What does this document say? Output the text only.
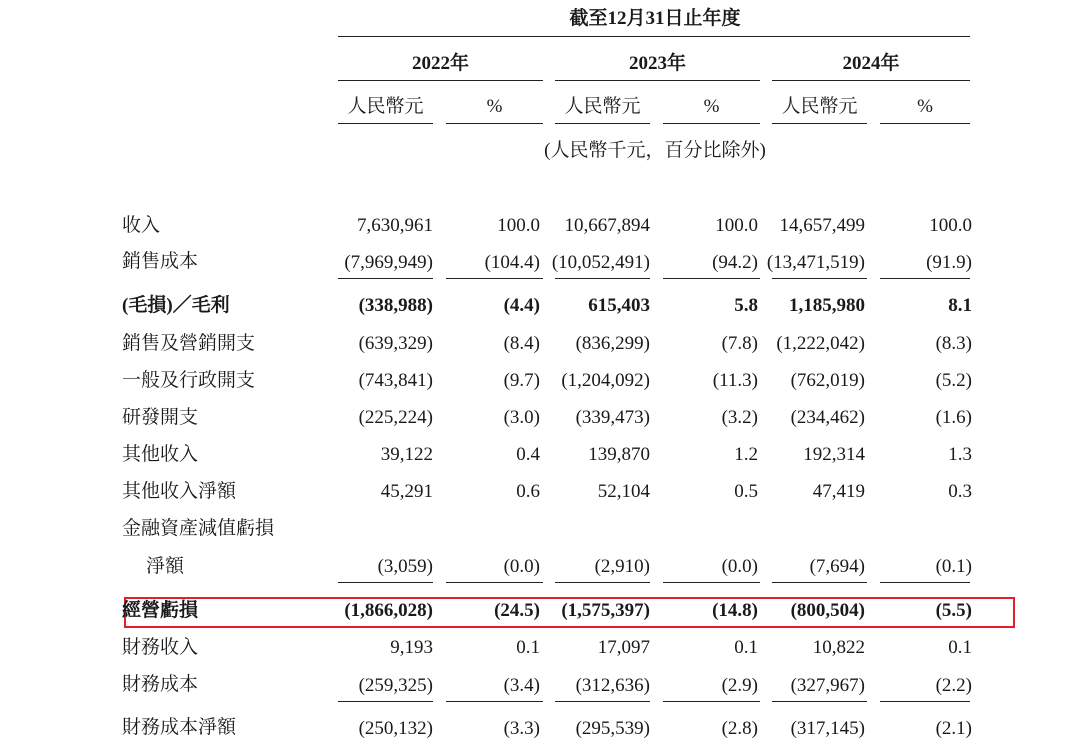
截至12月31日止年度
2022年	2023年	2024年
人民幣元	%	人民幣元	%	人民幣元	%
(人民幣千元，百分比除外)
收入	7,630,961	100.0	10,667,894	100.0	14,657,499	100.0
銷售成本	(7,969,949)	(104.4) (10,052,491)	(94.2) (13,471,519)	(91.9)
(毛損)／毛利	(338,988)	(4.4)	615,403	5.8	1,185,980	8.1
銷售及營銷開支	(639,329)	(8.4)	(836,299)	(7.8) (1,222,042)	(8.3)
一般及行政開支	(743,841)	(9.7)	(1,204,092)	(11.3)	(762,019)	(5.2)
研發開支	(225,224)	(3.0)	(339,473)	(3.2)	(234,462)	(1.6)
其他收入	39,122	0.4	139,870	1.2	192,314	1.3
其他收入淨額	45,291	0.6	52,104	0.5	47,419	0.3
金融資產減值虧損
淨額	(3,059)	(0.0)	(2,910)	(0.0)	(7,694)	(0.1)
經營虧損	(1,866,028)	(24.5)	(1,575,397)	(14.8)	(800,504)	(5.5)
財務收入	9,193	0.1	17,097	0.1	10,822	0.1
財務成本	(259,325)	(3.4)	(312,636)	(2.9)	(327,967)	(2.2)
財務成本淨額	(250,132)	(3.3)	(295,539)	(2.8)	(317,145)	(2.1)
